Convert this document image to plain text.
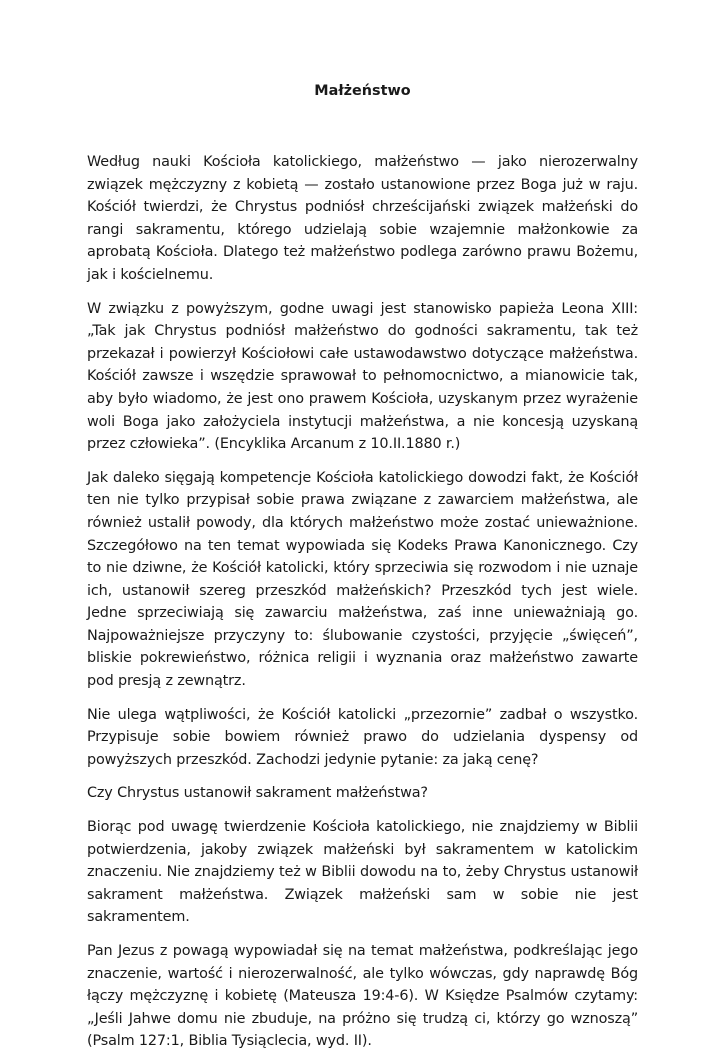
Małżeństwo

Według nauki Kościoła katolickiego, małżeństwo — jako nierozerwalny związek mężczyzny z kobietą — zostało ustanowione przez Boga już w raju. Kościół twierdzi, że Chrystus podniósł chrześcijański związek małżeński do rangi sakramentu, którego udzielają sobie wzajemnie małżonkowie za aprobatą Kościoła. Dlatego też małżeństwo podlega zarówno prawu Bożemu, jak i kościelnemu.

W związku z powyższym, godne uwagi jest stanowisko papieża Leona XIII: „Tak jak Chrystus podniósł małżeństwo do godności sakramentu, tak też przekazał i powierzył Kościołowi całe ustawodawstwo dotyczące małżeństwa. Kościół zawsze i wszędzie sprawował to pełnomocnictwo, a mianowicie tak, aby było wiadomo, że jest ono prawem Kościoła, uzyskanym przez wyrażenie woli Boga jako założyciela instytucji małżeństwa, a nie koncesją uzyskaną przez człowieka”. (Encyklika Arcanum z 10.II.1880 r.)

Jak daleko sięgają kompetencje Kościoła katolickiego dowodzi fakt, że Kościół ten nie tylko przypisał sobie prawa związane z zawarciem małżeństwa, ale również ustalił powody, dla których małżeństwo może zostać unieważnione. Szczegółowo na ten temat wypowiada się Kodeks Prawa Kanonicznego. Czy to nie dziwne, że Kościół katolicki, który sprzeciwia się rozwodom i nie uznaje ich, ustanowił szereg przeszkód małżeńskich? Przeszkód tych jest wiele. Jedne sprzeciwiają się zawarciu małżeństwa, zaś inne unieważniają go. Najpoważniejsze przyczyny to: ślubowanie czystości, przyjęcie „święceń”, bliskie pokrewieństwo, różnica religii i wyznania oraz małżeństwo zawarte pod presją z zewnątrz.

Nie ulega wątpliwości, że Kościół katolicki „przezornie” zadbał o wszystko. Przypisuje sobie bowiem również prawo do udzielania dyspensy od powyższych przeszkód. Zachodzi jedynie pytanie: za jaką cenę?

Czy Chrystus ustanowił sakrament małżeństwa?

Biorąc pod uwagę twierdzenie Kościoła katolickiego, nie znajdziemy w Biblii potwierdzenia, jakoby związek małżeński był sakramentem w katolickim znaczeniu. Nie znajdziemy też w Biblii dowodu na to, żeby Chrystus ustanowił sakrament małżeństwa. Związek małżeński sam w sobie nie jest sakramentem.

Pan Jezus z powagą wypowiadał się na temat małżeństwa, podkreślając jego znaczenie, wartość i nierozerwalność, ale tylko wówczas, gdy naprawdę Bóg łączy mężczyznę i kobietę (Mateusza 19:4-6). W Księdze Psalmów czytamy: „Jeśli Jahwe domu nie zbuduje, na próżno się trudzą ci, którzy go wznoszą” (Psalm 127:1, Biblia Tysiąclecia, wyd. II).
